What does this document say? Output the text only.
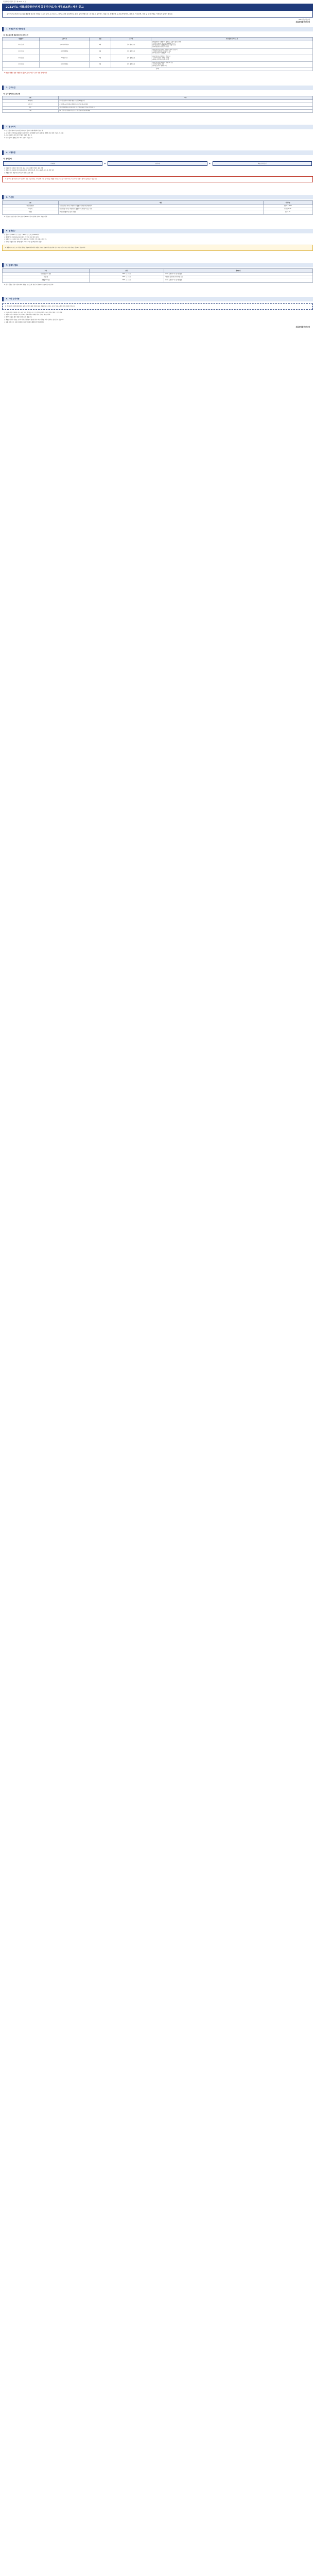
식품의약품안전처 공고 제 2021 - 0 호
2021년도 식품의약품안전처 공무직근로자(사무보조원) 채용 공고
공무직근로자(사무보조원) 채용에 필요한 사항을 다음과 같이 공고하오니, 자격을 갖춘 분들께서는 많은 응시 바랍니다. 본 채용은 블라인드 채용으로 진행되며, 응시원서에 학력, 출신지, 가족관계, 사진 등 인적사항을 기재하지 않아야 합니다.
2021년 ○월 ○일
식품의약품안전처장
1. 채용분야 및 채용인원
가. 채용분야별 채용인원 및 자격요건
채용분야	근무부서	인원	근무지	주요업무 및 자격요건
사무보조원	소비자위해예방국	1명	충북 청주(오송)	[주요업무] 부서 행정·서무 업무 보조, 공문서 접수 및 배부
문서 작성·정리 및 자료 입력, 물품관리 보조 등
[자격요건] 컴퓨터 활용능력(한글, 엑셀) 우수자
[우대사항] 관련 분야 근무경력자

사무보조원	식품안전정책국	1명	충북 청주(오송)	[주요업무] 민원 응대 및 전화 안내, 회의 자료 준비
사업 관련 통계자료 정리 및 입력 보조
[자격요건] 컴퓨터 활용능력 우수자

사무보조원	의약품안전국	1명	충북 청주(오송)	[주요업무] 부서 일반 행정 업무 보조
자료 정리 및 보관, 우편물 처리 등
[자격요건] 문서작성 능력 우수자

사무보조원	의료기기안전국	1명	충북 청주(오송)	[주요업무] 예산·회계 관련 서류 정리 보조
각종 자료 입력 및 관리
[자격요건] 사무 경력자 우대

총 4명				
※ 채용분야별로 중복 지원할 수 없으며, 중복 지원 시 모두 무효 처리합니다.
2. 근무조건
나. 근무형태 및 근로조건
구분	내용
계약형태	공무직근로자(무기계약) 채용, 수습기간 3개월 운영
근무시간	주 5일(월~금) 09:00~18:00 (휴게시간 12:00~13:00)
보수	식품의약품안전처 공무직근로자 보수 기준에 따름 (기본급, 각종 수당 등)
기타	4대 보험 가입, 연차휴가 등은 근로기준법 및 관련 규정에 따름
3. 응시자격
가. 공고일 현재 국가공무원법 제33조의 결격사유에 해당하지 않는 자
나. 남자의 경우 병역을 필하였거나 면제된 자 (전역예정자로서 최종시험 예정일 이전 전역 가능한 자 포함)
다. 채용신체검사 결과 직무수행에 지장이 없는 자
라. 최종합격자 발표일 이후 즉시 근무가 가능한 자
4. 시험방법
가. 전형단계
서류전형	▶	면접시험	▶	최종합격자 결정
○ 서류전형: 자격요건 적격 여부 판단 후 채용인원의 5배수 내외 선발
○ 면접시험: 서류전형 합격자를 대상으로 직무수행능력, 의사소통능력, 태도 등 종합 평가
○ 최종합격자: 면접시험 성적 고득점자 순으로 결정
※ 응시자는 응시원서 및 자기소개서 작성 시 출신학교, 가족관계, 사진 등 개인을 식별할 수 있는 내용을 기재하여서는 아니 되며, 기재 시 불이익을 받을 수 있습니다.
5. 가산점
구분	대상	가산비율
취업지원대상자	국가유공자 등 예우 및 지원에 관한 법률 등에 의한 취업지원대상자	만점의 5~10%
의사상자	의사상자 등 예우 및 지원에 관한 법률에 의한 의사상자 및 그 가족	만점의 3~5%
장애인	장애인복지법에 따른 등록 장애인	만점의 5%
※ 가산점은 면접시험 각 과목 만점의 40% 이상 득점자에 한하여 적용합니다.
6. 원서접수
○ 접수기간: 2021. ○. ○.(○) ~ 2021. ○. ○.(○) 18:00까지
○ 접수방법: 전자우편(e-mail) 접수 (방문 및 우편 접수 불가)
○ 제출서류: 응시원서 1부, 자기소개서 1부, 개인정보 수집·이용 동의서 1부
○ 자격요건 증빙서류: 경력증명서, 자격증 사본 등 (해당자에 한함)
※ 제출서류는 반드시 지정된 양식을 사용하여야 하며, 제출된 서류는 반환하지 않습니다. 접수 마감시간 이후 도착한 서류는 접수하지 않습니다.
7. 합격자 발표
구분	일정	발표방법
서류전형 합격자 발표	2021. ○. ○.(○)	식약처 홈페이지 게시 및 개별 통보
면접시험	2021. ○. ○.(○)	서류전형 합격자에 한하여 개별 통보
최종합격자 발표	2021. ○. ○.(○)	식약처 홈페이지 게시 및 개별 통보
※ 상기 일정은 기관 사정에 따라 변경될 수 있으며, 변경 시 홈페이지를 통해 안내합니다.
8. 기타 유의사항
※ 본 채용은 식품의약품안전처 공무직근로자 채용 절차에 따라 진행되며, 응시자는 공고문 내용을 충분히 숙지하여야 합니다.
○ 응시원서의 기재사항 착오, 누락 또는 연락불능 등으로 인한 불이익은 응시자 본인의 책임으로 합니다.
○ 제출서류의 기재사항이 사실과 다르거나 허위로 판명될 경우 합격을 취소합니다.
○ 적격자가 없는 경우 채용하지 않을 수 있습니다.
○ 최종합격자가 임용을 포기하거나 결격사유가 발생한 경우 차순위자를 추가 합격자로 결정할 수 있습니다.
○ 채용 관련 문의: 식품의약품안전처 운영지원과 (☎ 043-719-0000)
식품의약품안전처장
